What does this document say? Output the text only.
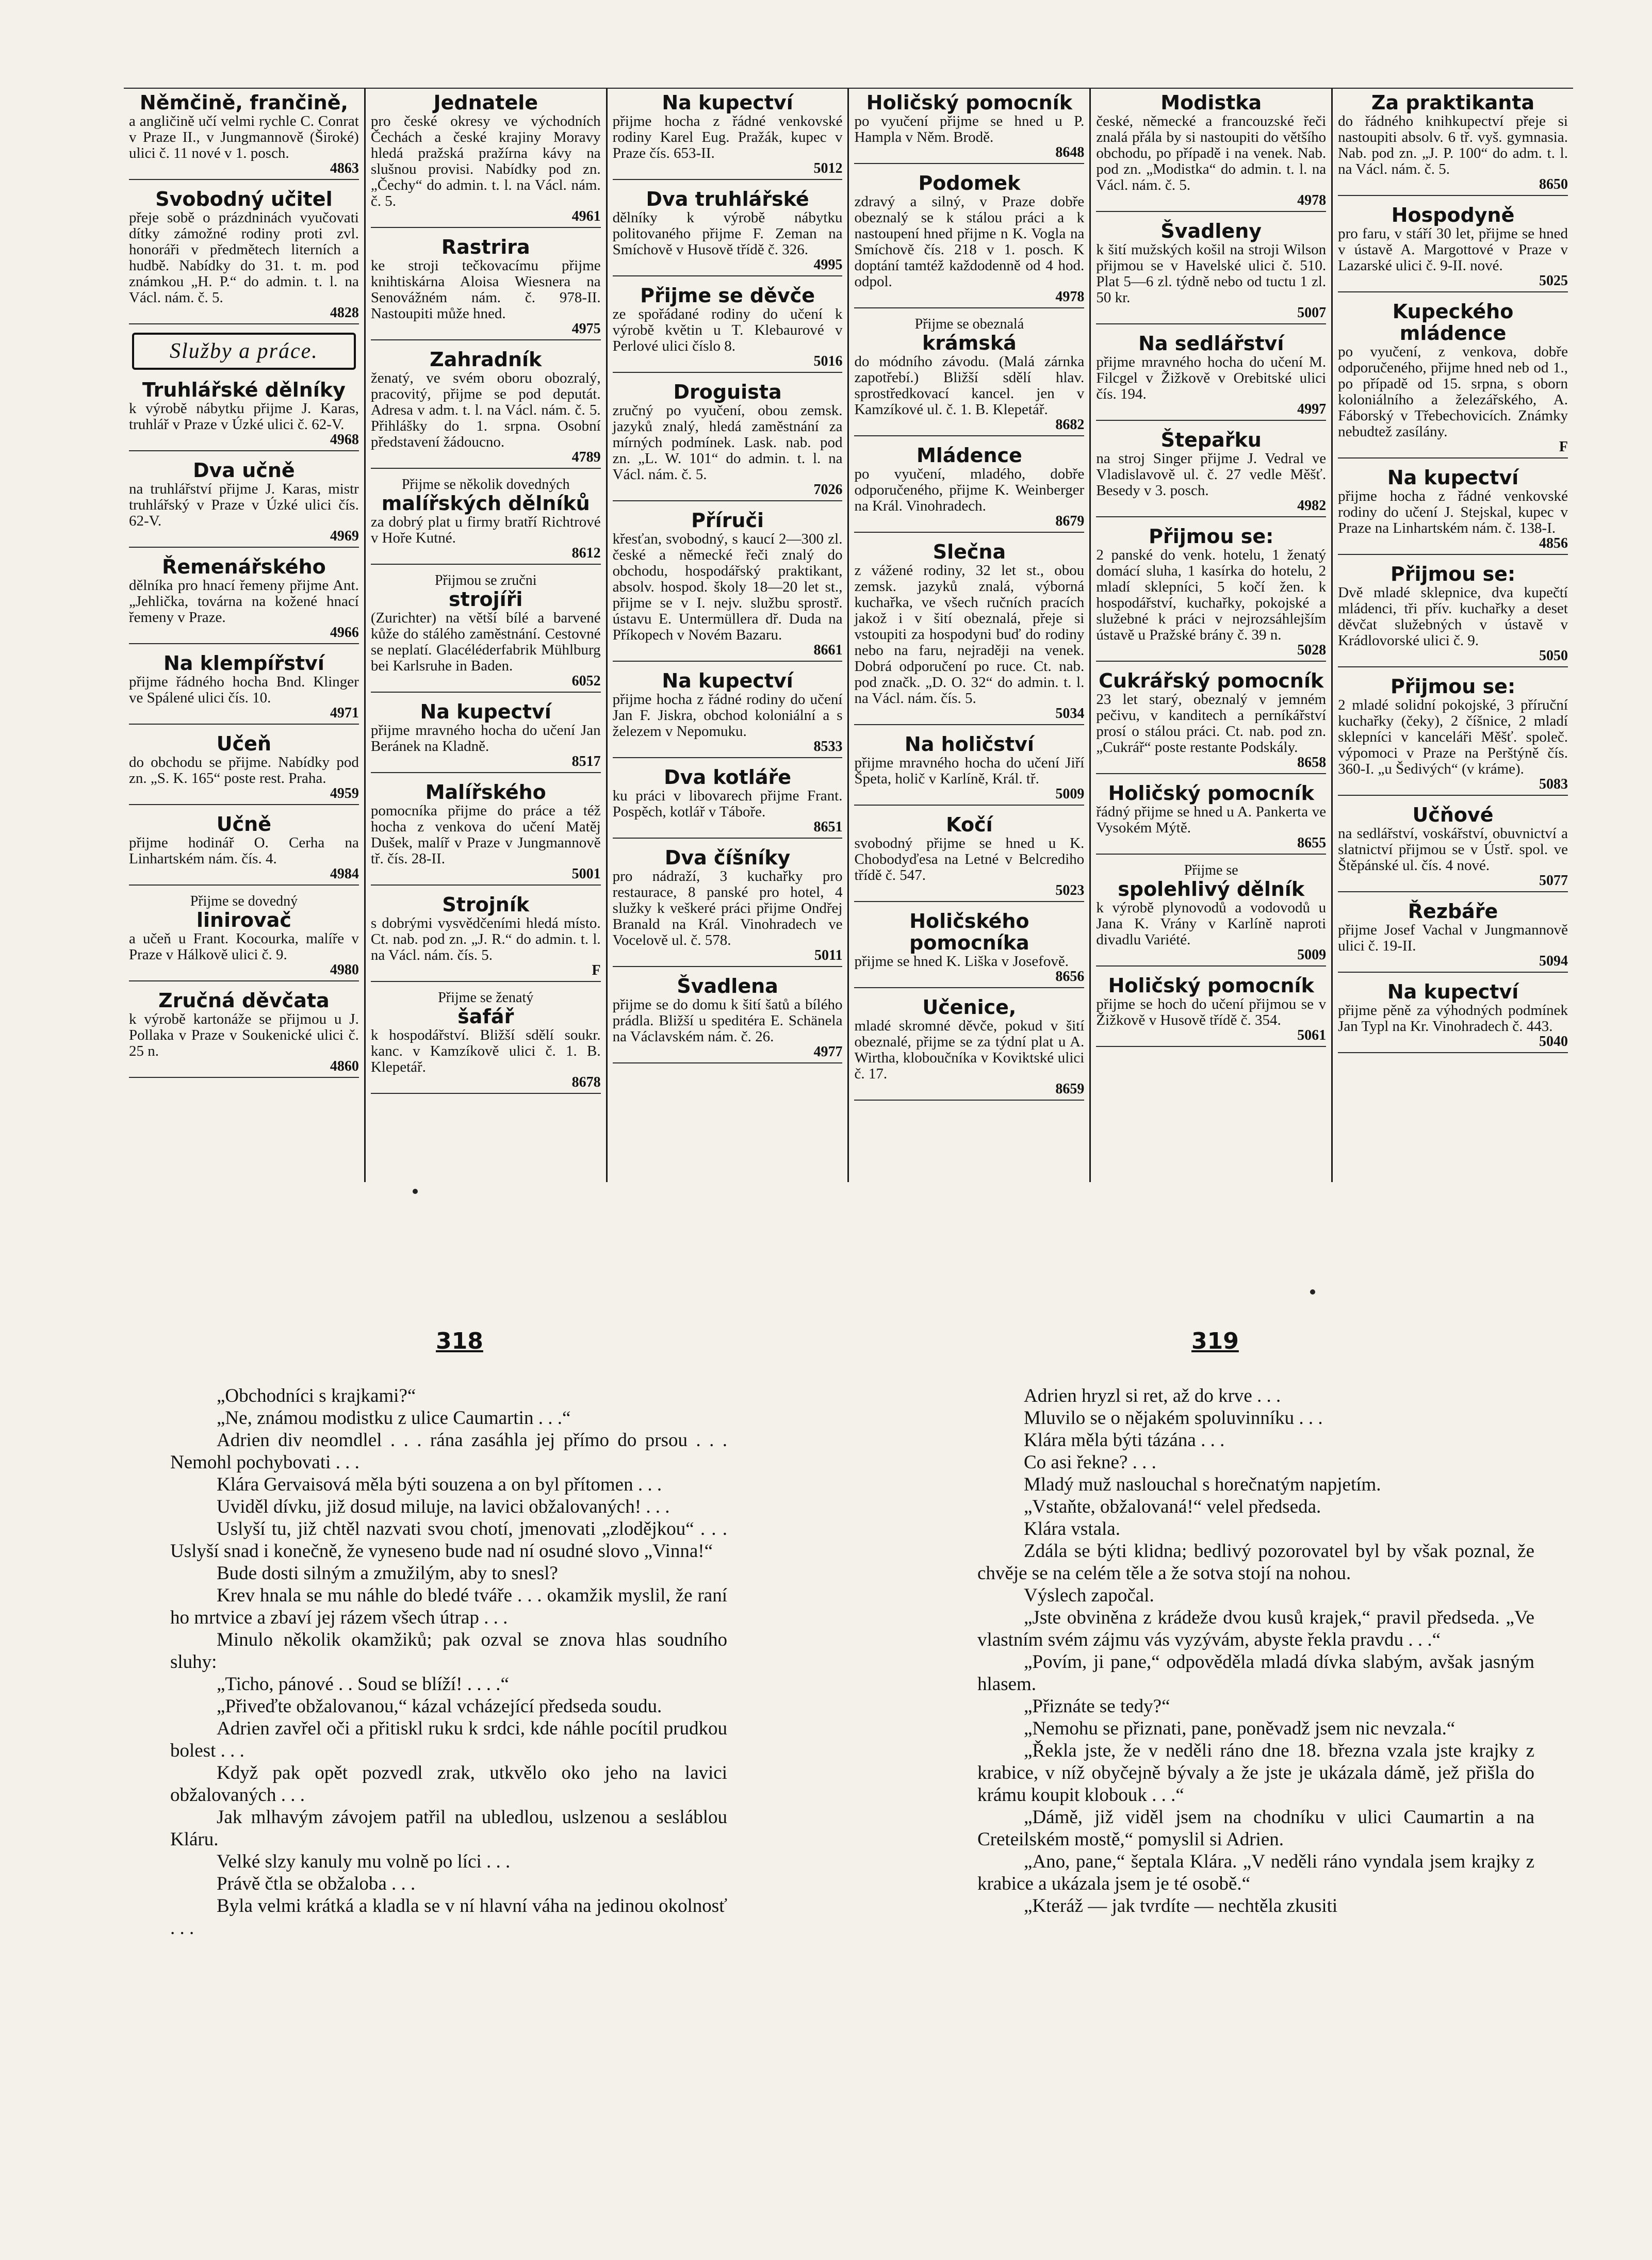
Němčině, frančině,
a angličině učí velmi rychle C. Conrat v Praze II., v Jungmannově (Široké) ulici č. 11 nové v 1. posch.
4863
Svobodný učitel
přeje sobě o prázdninách vyučovati dítky zámožné rodiny proti zvl. honoráři v předmětech literních a hudbě. Nabídky do 31. t. m. pod známkou „H. P.“ do admin. t. l. na Václ. nám. č. 5.
4828
Služby a práce.
Truhlářské dělníky
k výrobě nábytku přijme J. Karas, truhlář v Praze v Úzké ulici č. 62-V.
4968
Dva učně
na truhlářství přijme J. Karas, mistr truhlářský v Praze v Úzké ulici čís. 62-V.
4969
Řemenářského
dělníka pro hnací řemeny přijme Ant. „Jehlička, továrna na kožené hnací řemeny v Praze.
4966
Na klempířství
přijme řádného hocha Bnd. Klinger ve Spálené ulici čís. 10.
4971
Učeň
do obchodu se přijme. Nabídky pod zn. „S. K. 165“ poste rest. Praha.
4959
Učně
přijme hodinář O. Cerha na Linhartském nám. čís. 4.
4984
Přijme se dovedný
linirovač
a učeň u Frant. Kocourka, malíře v Praze v Hálkově ulici č. 9.
4980
Zručná děvčata
k výrobě kartonáže se přijmou u J. Pollaka v Praze v Soukenické ulici č. 25 n.
4860
Jednatele
pro české okresy ve východních Čechách a české krajiny Moravy hledá pražská pražírna kávy na slušnou provisi. Nabídky pod zn. „Čechy“ do admin. t. l. na Václ. nám. č. 5.
4961
Rastrira
ke stroji tečkovacímu přijme knihtiskárna Aloisa Wiesnera na Senovážném nám. č. 978-II. Nastoupiti může hned.
4975
Zahradník
ženatý, ve svém oboru obozralý, pracovitý, přijme se pod deputát. Adresa v adm. t. l. na Václ. nám. č. 5. Přihlášky do 1. srpna. Osobní představení žádoucno.
4789
Přijme se několik dovedných
malířských dělníků
za dobrý plat u firmy bratří Richtrové v Hoře Kutné.
8612
Přijmou se zručni
strojíři
(Zurichter) na větší bílé a barvené kůže do stálého zaměstnání. Cestovné se neplatí. Glacéléderfabrik Mühlburg bei Karlsruhe in Baden.
6052
Na kupectví
přijme mravného hocha do učení Jan Beránek na Kladně.
8517
Malířského
pomocníka přijme do práce a též hocha z venkova do učení Matěj Dušek, malíř v Praze v Jungmannově tř. čís. 28-II.
5001
Strojník
s dobrými vysvědčeními hledá místo. Ct. nab. pod zn. „J. R.“ do admin. t. l. na Václ. nám. čís. 5.
F
Přijme se ženatý
šafář
k hospodářství. Bližší sdělí soukr. kanc. v Kamzíkově ulici č. 1. B. Klepetář.
8678
Na kupectví
přijme hocha z řádné venkovské rodiny Karel Eug. Pražák, kupec v Praze čís. 653-II.
5012
Dva truhlářské
dělníky k výrobě nábytku politovaného přijme F. Zeman na Smíchově v Husově třídě č. 326.
4995
Přijme se děvče
ze spořádané rodiny do učení k výrobě květin u T. Klebaurové v Perlové ulici číslo 8.
5016
Droguista
zručný po vyučení, obou zemsk. jazyků znalý, hledá zaměstnání za mírných podmínek. Lask. nab. pod zn. „L. W. 101“ do admin. t. l. na Václ. nám. č. 5.
7026
Příruči
křesťan, svobodný, s kaucí 2—300 zl. české a německé řeči znalý do obchodu, hospodářský praktikant, absolv. hospod. školy 18—20 let st., přijme se v I. nejv. službu sprostř. ústavu E. Untermüllera dř. Duda na Příkopech v Novém Bazaru.
8661
Na kupectví
přijme hocha z řádné rodiny do učení Jan F. Jiskra, obchod koloniální a s železem v Nepomuku.
8533
Dva kotláře
ku práci v libovarech přijme Frant. Pospěch, kotlář v Táboře.
8651
Dva číšníky
pro nádraží, 3 kuchařky pro restaurace, 8 panské pro hotel, 4 služky k veškeré práci přijme Ondřej Branald na Král. Vinohradech ve Vocelově ul. č. 578.
5011
Švadlena
přijme se do domu k šití šatů a bílého prádla. Bližší u speditéra E. Schänela na Václavském nám. č. 26.
4977
Holičský pomocník
po vyučení přijme se hned u P. Hampla v Něm. Brodě.
8648
Podomek
zdravý a silný, v Praze dobře obeznalý se k stálou práci a k nastoupení hned přijme n K. Vogla na Smíchově čís. 218 v 1. posch. K doptání tamtéž každodenně od 4 hod. odpol.
4978
Přijme se obeznalá
krámská
do módního závodu. (Malá zárnka zapotřebí.) Bližší sdělí hlav. sprostředkovací kancel. jen v Kamzíkové ul. č. 1. B. Klepetář.
8682
Mládence
po vyučení, mladého, dobře odporučeného, přijme K. Weinberger na Král. Vinohradech.
8679
Slečna
z vážené rodiny, 32 let st., obou zemsk. jazyků znalá, výborná kuchařka, ve všech ručních pracích jakož i v šití obeznalá, přeje si vstoupiti za hospodyni buď do rodiny nebo na faru, nejraději na venek. Dobrá odporučení po ruce. Ct. nab. pod značk. „D. O. 32“ do admin. t. l. na Václ. nám. čís. 5.
5034
Na holičství
přijme mravného hocha do učení Jiří Špeta, holič v Karlíně, Král. tř.
5009
Kočí
svobodný přijme se hned u K. Chobodyďesa na Letné v Belcrediho třídě č. 547.
5023
Holičského pomocníka
přijme se hned K. Liška v Josefově.
8656
Učenice,
mladé skromné děvče, pokud v šití obeznalé, přijme se za týdní plat u A. Wirtha, kloboučníka v Koviktské ulici č. 17.
8659
Modistka
české, německé a francouzské řeči znalá přála by si nastoupiti do většího obchodu, po případě i na venek. Nab. pod zn. „Modistka“ do admin. t. l. na Václ. nám. č. 5.
4978
Švadleny
k šití mužských košil na stroji Wilson přijmou se v Havelské ulici č. 510. Plat 5—6 zl. týdně nebo od tuctu 1 zl. 50 kr.
5007
Na sedlářství
přijme mravného hocha do učení M. Filcgel v Žižkově v Orebitské ulici čís. 194.
4997
Štepařku
na stroj Singer přijme J. Vedral ve Vladislavově ul. č. 27 vedle Měšť. Besedy v 3. posch.
4982
Přijmou se:
2 panské do venk. hotelu, 1 ženatý domácí sluha, 1 kasírka do hotelu, 2 mladí sklepníci, 5 kočí žen. k hospodářství, kuchařky, pokojské a služebné k práci v nejrozsáhlejším ústavě u Pražské brány č. 39 n.
5028
Cukrářský pomocník
23 let starý, obeznalý v jemném pečivu, v kanditech a perníkářství prosí o stálou práci. Ct. nab. pod zn. „Cukrář“ poste restante Podskály.
8658
Holičský pomocník
řádný přijme se hned u A. Pankerta ve Vysokém Mýtě.
8655
Přijme se
spolehlivý dělník
k výrobě plynovodů a vodovodů u Jana K. Vrány v Karlíně naproti divadlu Variété.
5009
Holičský pomocník
přijme se hoch do učení přijmou se v Žižkově v Husově třídě č. 354.
5061
Za praktikanta
do řádného knihkupectví přeje si nastoupiti absolv. 6 tř. vyš. gymnasia. Nab. pod zn. „J. P. 100“ do adm. t. l. na Václ. nám. č. 5.
8650
Hospodyně
pro faru, v stáří 30 let, přijme se hned v ústavě A. Margottové v Praze v Lazarské ulici č. 9-II. nové.
5025
Kupeckého mládence
po vyučení, z venkova, dobře odporučeného, přijme hned neb od 1., po případě od 15. srpna, s oborn koloniálního a železářského, A. Fáborský v Třebechovicích. Známky nebudtež zasílány.
F
Na kupectví
přijme hocha z řádné venkovské rodiny do učení J. Stejskal, kupec v Praze na Linhartském nám. č. 138-I.
4856
Přijmou se:
Dvě mladé sklepnice, dva kupečtí mládenci, tři přív. kuchařky a deset děvčat služebných v ústavě v Krádlovorské ulici č. 9.
5050
Přijmou se:
2 mladé solidní pokojské, 3 příruční kuchařky (čeky), 2 číšnice, 2 mladí sklepníci v kanceláři Měšť. společ. výpomoci v Praze na Perštýně čís. 360-I. „u Šedivých“ (v kráme).
5083
Učňové
na sedlářství, voskářství, obuvnictví a slatnictví přijmou se v Ústř. spol. ve Štěpánské ul. čís. 4 nové.
5077
Řezbáře
přijme Josef Vachal v Jungmannově ulici č. 19-II.
5094
Na kupectví
přijme pěně za výhodných podmínek Jan Typl na Kr. Vinohradech č. 443.
5040
318	319

„Obchodníci s krajkami?“

„Ne, známou modistku z ulice Caumartin . . .“

Adrien div neomdlel . . . rána zasáhla jej přímo do prsou . . . Nemohl pochybovati . . .

Klára Gervaisová měla býti souzena a on byl přítomen . . .

Uviděl dívku, již dosud miluje, na lavici obžalovaných! . . .

Uslyší tu, již chtěl nazvati svou chotí, jmenovati „zlodějkou“ . . . Uslyší snad i konečně, že vyneseno bude nad ní osudné slovo „Vinna!“

Bude dosti silným a zmužilým, aby to snesl?

Krev hnala se mu náhle do bledé tváře . . . okamžik myslil, že raní ho mrtvice a zbaví jej rázem všech útrap . . .

Minulo několik okamžiků; pak ozval se znova hlas soudního sluhy:

„Ticho, pánové . . Soud se blíží! . . . .“

„Přiveďte obžalovanou,“ kázal vcházející předseda soudu.

Adrien zavřel oči a přitiskl ruku k srdci, kde náhle pocítil prudkou bolest . . .

Když pak opět pozvedl zrak, utkvělo oko jeho na lavici obžalovaných . . .

Jak mlhavým závojem patřil na ubledlou, uslzenou a sesláblou Kláru.

Velké slzy kanuly mu volně po líci . . .

Právě čtla se obžaloba . . .

Byla velmi krátká a kladla se v ní hlavní váha na jedinou okolnosť . . .

Adrien hryzl si ret, až do krve . . .

Mluvilo se o nějakém spoluvinníku . . .

Klára měla býti tázána . . .

Co asi řekne? . . .

Mladý muž naslouchal s horečnatým napjetím.

„Vstaňte, obžalovaná!“ velel předseda.

Klára vstala.

Zdála se býti klidna; bedlivý pozorovatel byl by však poznal, že chvěje se na celém těle a že sotva stojí na nohou.

Výslech započal.

„Jste obviněna z krádeže dvou kusů krajek,“ pravil předseda. „Ve vlastním svém zájmu vás vyzývám, abyste řekla pravdu . . .“

„Povím, ji pane,“ odpověděla mladá dívka slabým, avšak jasným hlasem.

„Přiznáte se tedy?“

„Nemohu se přiznati, pane, poněvadž jsem nic nevzala.“

„Řekla jste, že v neděli ráno dne 18. března vzala jste krajky z krabice, v níž obyčejně bývaly a že jste je ukázala dámě, jež přišla do krámu koupit klobouk . . .“

„Dámě, již viděl jsem na chodníku v ulici Caumartin a na Creteilském mostě,“ pomyslil si Adrien.

„Ano, pane,“ šeptala Klára. „V neděli ráno vyndala jsem krajky z krabice a ukázala jsem je té osobě.“

„Kteráž — jak tvrdíte — nechtěla zkusiti
